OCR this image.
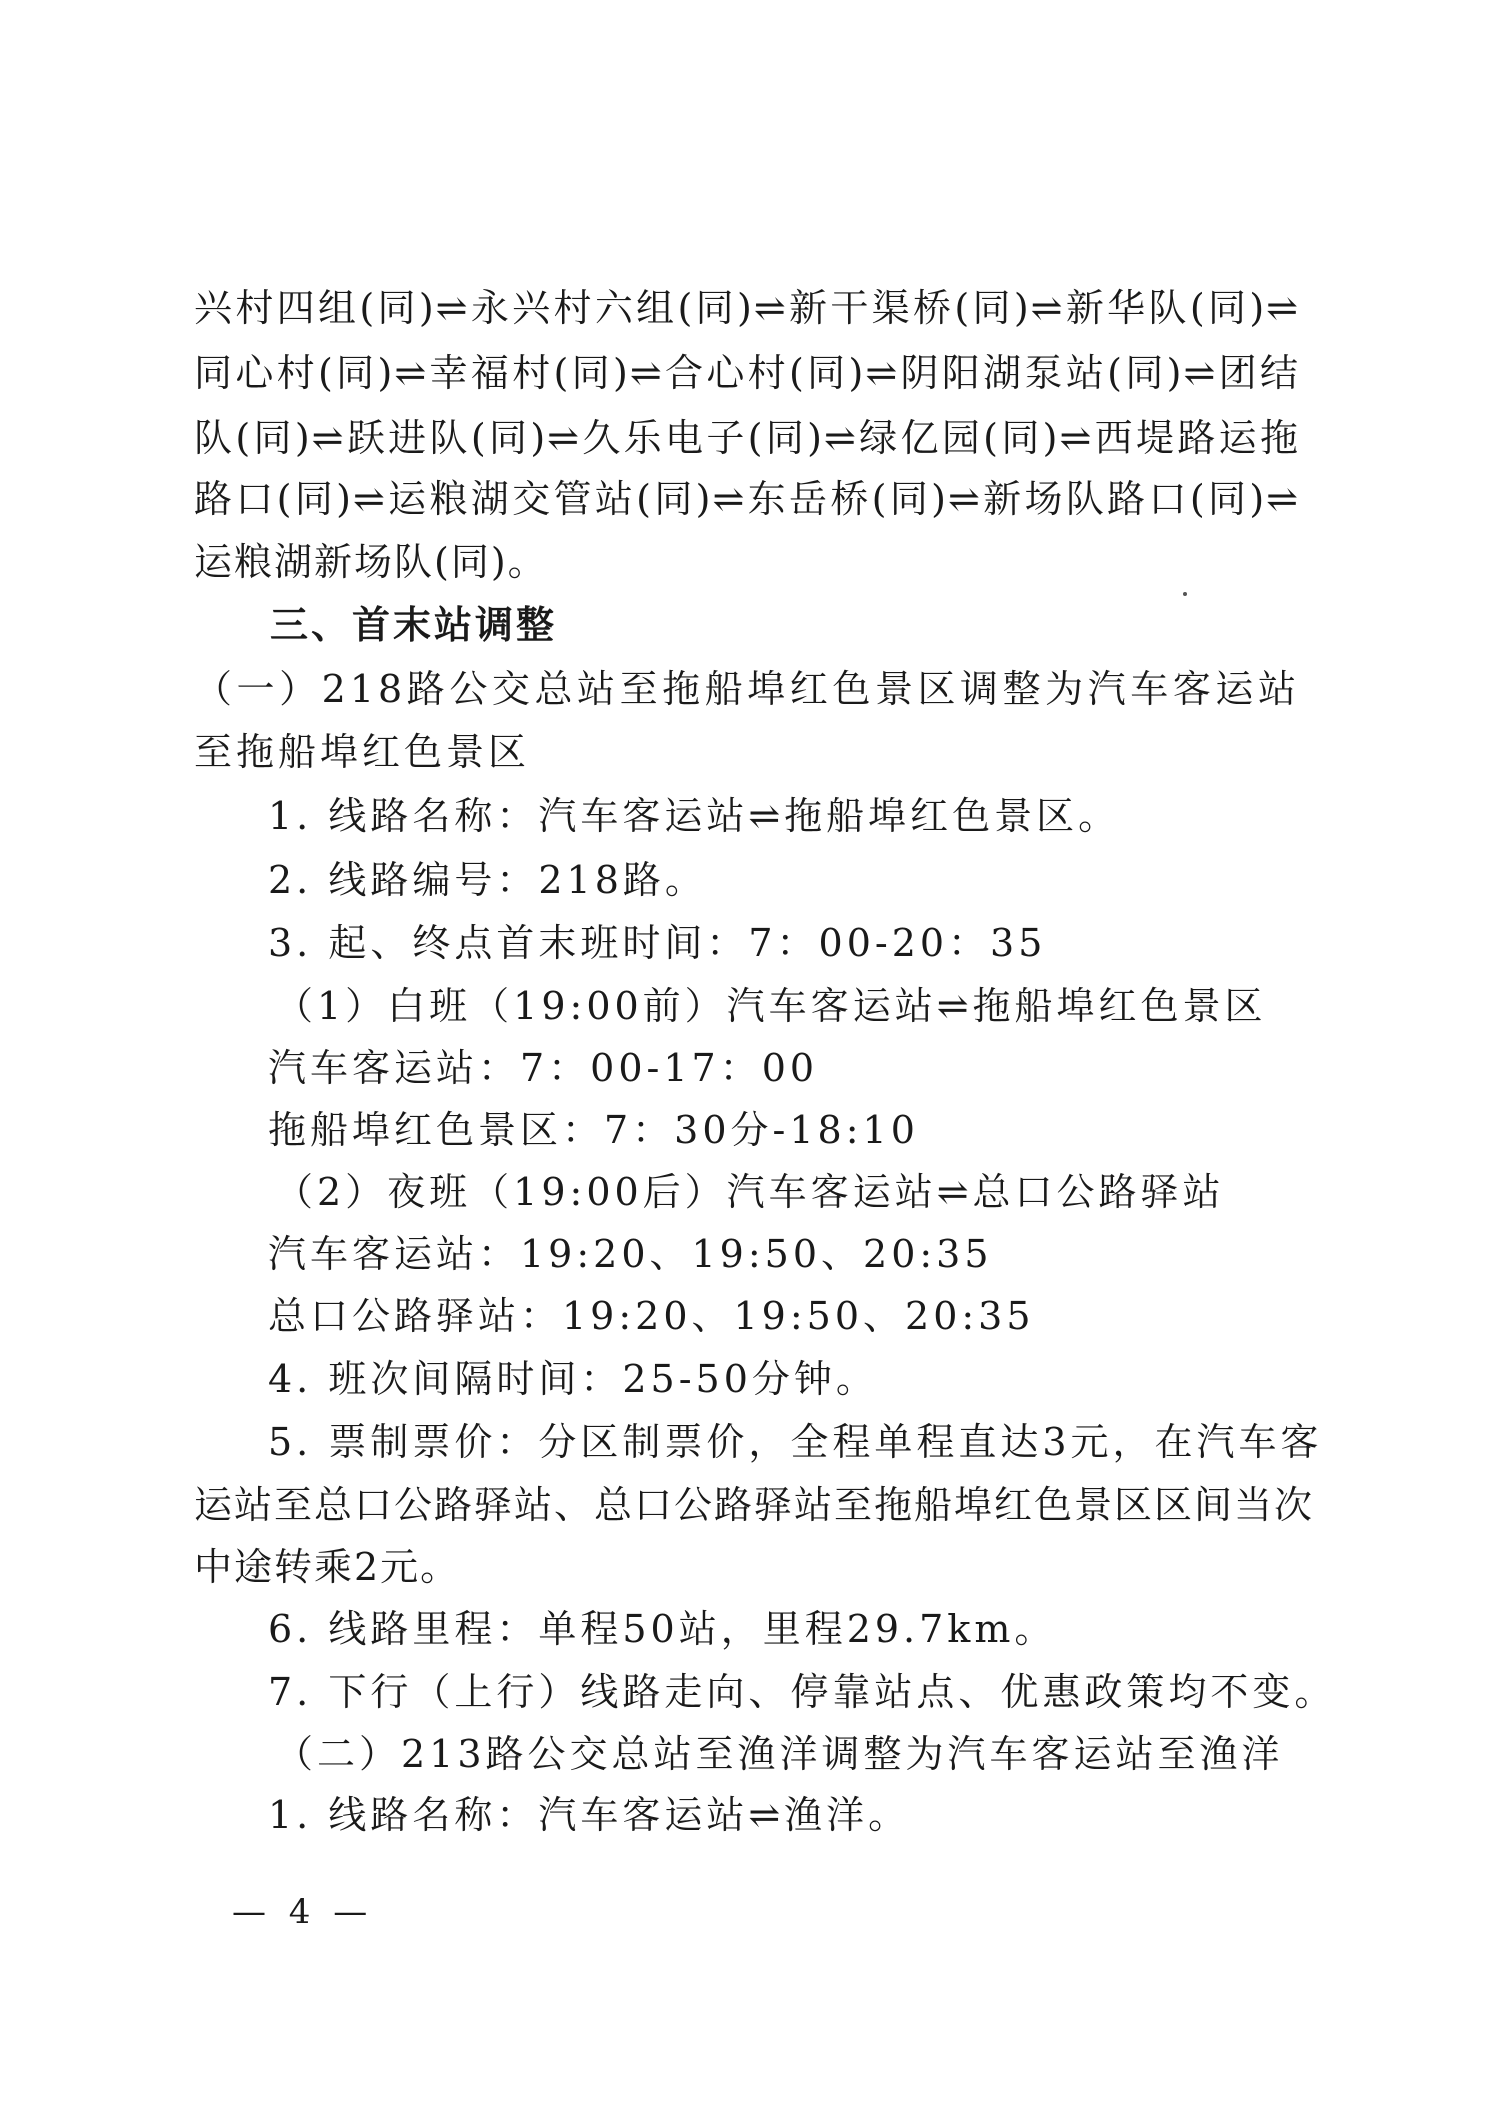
兴村四组(同)⇌永兴村六组(同)⇌新干渠桥(同)⇌新华队(同)⇌
同心村(同)⇌幸福村(同)⇌合心村(同)⇌阴阳湖泵站(同)⇌团结
队(同)⇌跃进队(同)⇌久乐电子(同)⇌绿亿园(同)⇌西堤路运拖
路口(同)⇌运粮湖交管站(同)⇌东岳桥(同)⇌新场队路口(同)⇌
运粮湖新场队(同)。
三、首末站调整
（一）218路公交总站至拖船埠红色景区调整为汽车客运站
至拖船埠红色景区
1. 线路名称：汽车客运站⇌拖船埠红色景区。
2. 线路编号：218路。
3. 起、终点首末班时间：7：00-20：35
（1）白班（19:00前）汽车客运站⇌拖船埠红色景区
汽车客运站：7：00-17：00
拖船埠红色景区：7：30分-18:10
（2）夜班（19:00后）汽车客运站⇌总口公路驿站
汽车客运站：19:20、19:50、20:35
总口公路驿站：19:20、19:50、20:35
4. 班次间隔时间：25-50分钟。
5. 票制票价：分区制票价，全程单程直达3元，在汽车客
运站至总口公路驿站、总口公路驿站至拖船埠红色景区区间当次
中途转乘2元。
6. 线路里程：单程50站，里程29.7km。
7. 下行（上行）线路走向、停靠站点、优惠政策均不变。
（二）213路公交总站至渔洋调整为汽车客运站至渔洋
1. 线路名称：汽车客运站⇌渔洋。
— 4 —
